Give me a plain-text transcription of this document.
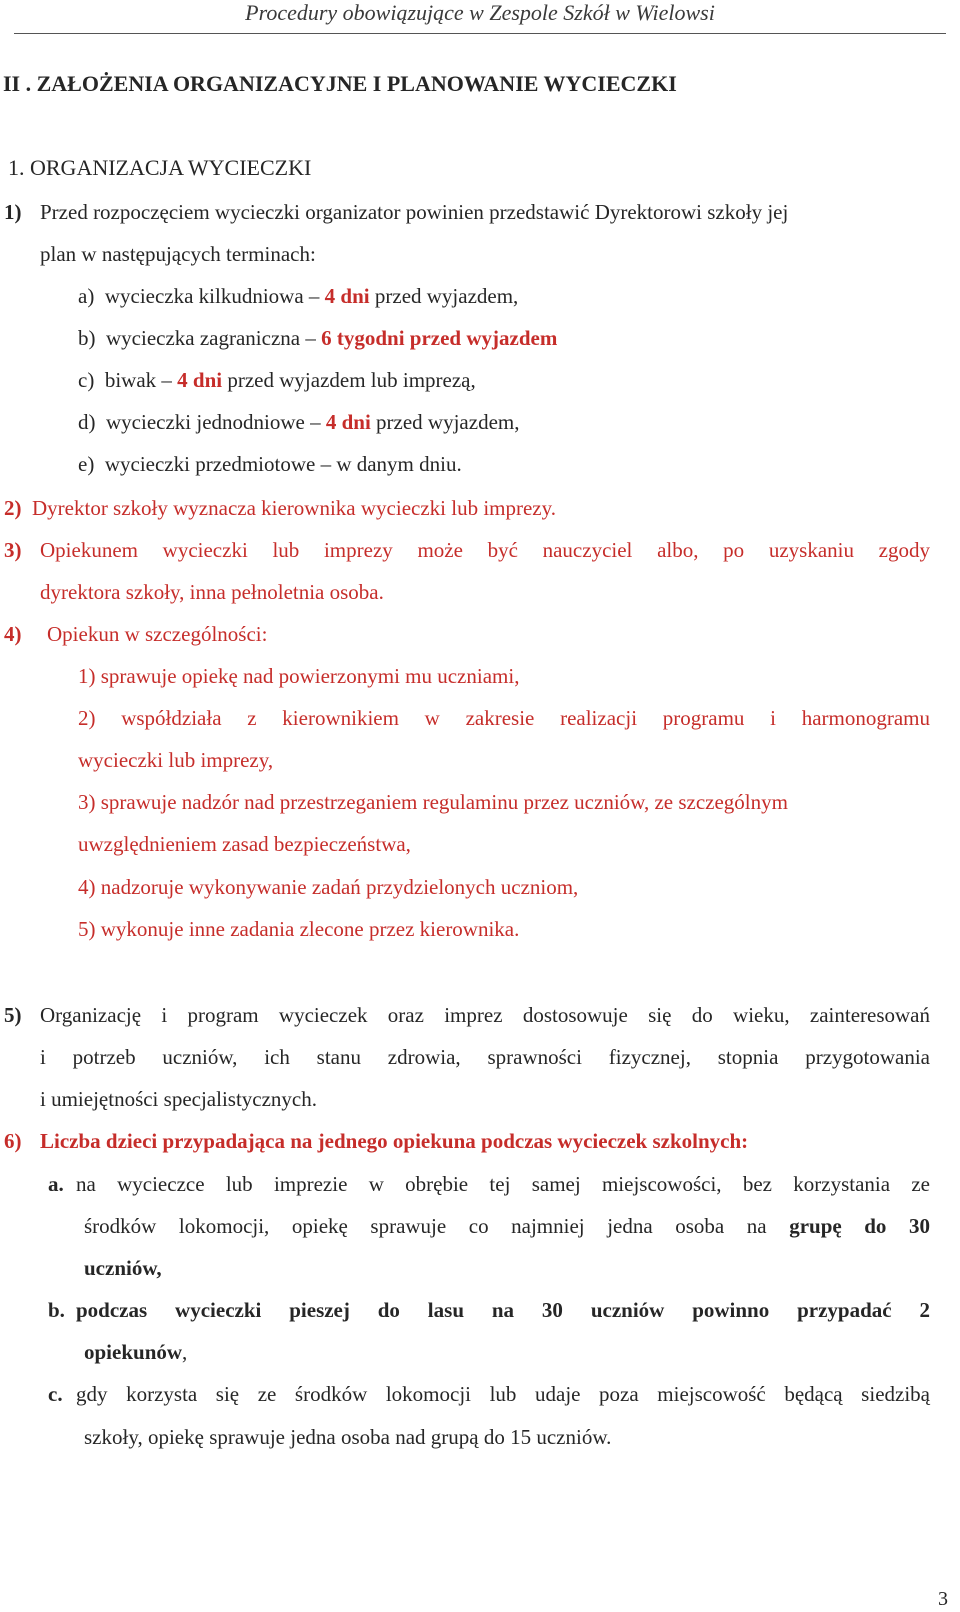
Procedury obowiązujące w Zespole Szkół w Wielowsi
II . ZAŁOŻENIA ORGANIZACYJNE I PLANOWANIE WYCIECZKI
1. ORGANIZACJA WYCIECZKI
1) Przed rozpoczęciem wycieczki organizator powinien przedstawić Dyrektorowi szkoły jej
plan w następujących terminach:
a) wycieczka kilkudniowa – 4 dni przed wyjazdem,
b) wycieczka zagraniczna – 6 tygodni przed wyjazdem
c) biwak – 4 dni przed wyjazdem lub imprezą,
d) wycieczki jednodniowe – 4 dni przed wyjazdem,
e) wycieczki przedmiotowe – w danym dniu.
2) Dyrektor szkoły wyznacza kierownika wycieczki lub imprezy.
3) Opiekunem wycieczki lub imprezy może być nauczyciel albo, po uzyskaniu zgody
dyrektora szkoły, inna pełnoletnia osoba.
4) Opiekun w szczególności:
1) sprawuje opiekę nad powierzonymi mu uczniami,
2) współdziała z kierownikiem w zakresie realizacji programu i harmonogramu
wycieczki lub imprezy,
3) sprawuje nadzór nad przestrzeganiem regulaminu przez uczniów, ze szczególnym
uwzględnieniem zasad bezpieczeństwa,
4) nadzoruje wykonywanie zadań przydzielonych uczniom,
5) wykonuje inne zadania zlecone przez kierownika.
5) Organizację i program wycieczek oraz imprez dostosowuje się do wieku, zainteresowań
i potrzeb uczniów, ich stanu zdrowia, sprawności fizycznej, stopnia przygotowania
i umiejętności specjalistycznych.
6) Liczba dzieci przypadająca na jednego opiekuna podczas wycieczek szkolnych:
a. na wycieczce lub imprezie w obrębie tej samej miejscowości, bez korzystania ze
środków lokomocji, opiekę sprawuje co najmniej jedna osoba na grupę do 30
uczniów,
b. podczas wycieczki pieszej do lasu na 30 uczniów powinno przypadać 2
opiekunów,
c. gdy korzysta się ze środków lokomocji lub udaje poza miejscowość będącą siedzibą
szkoły, opiekę sprawuje jedna osoba nad grupą do 15 uczniów.
3
